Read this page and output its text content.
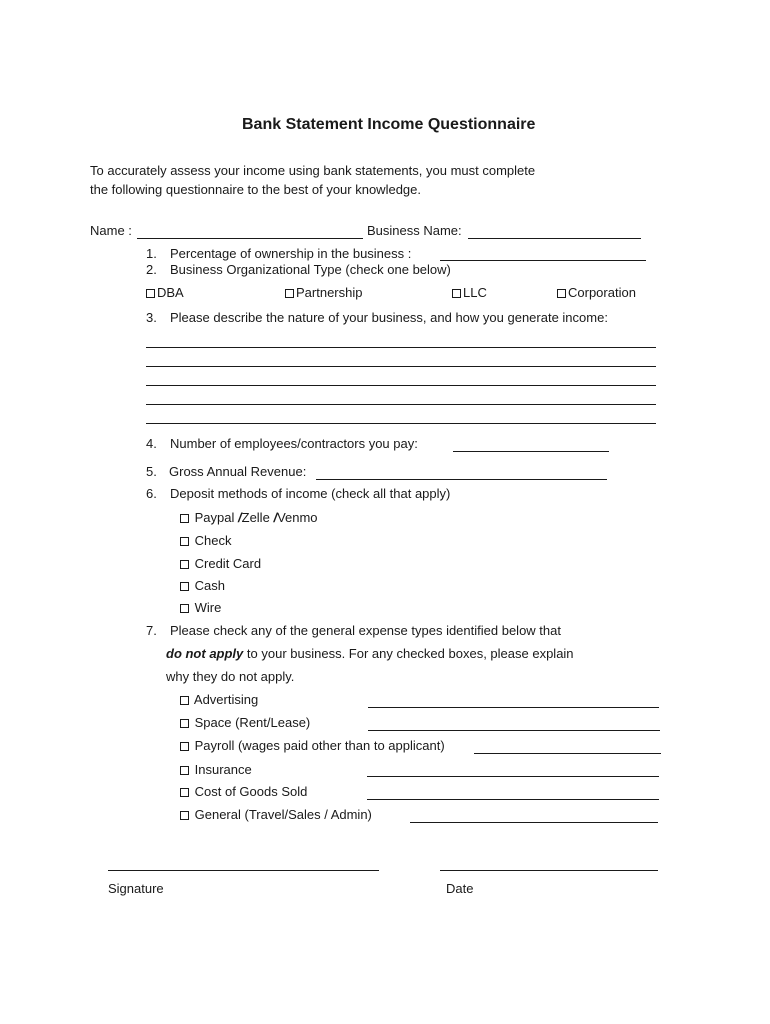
Bank Statement Income Questionnaire
To accurately assess your income using bank statements, you must complete
the following questionnaire to the best of your knowledge.
Name :	Business Name:
1. Percentage of ownership in the business :
2. Business Organizational Type (check one below)
DBA	Partnership	LLC	Corporation
3. Please describe the nature of your business, and how you generate income:
4. Number of employees/contractors you pay:
5. Gross Annual Revenue:
6. Deposit methods of income (check all that apply)
Paypal /Zelle /Venmo
Check
Credit Card
Cash
Wire
7. Please check any of the general expense types identified below that
do not apply to your business. For any checked boxes, please explain
why they do not apply.
Advertising
Space (Rent/Lease)
Payroll (wages paid other than to applicant)
Insurance
Cost of Goods Sold
General (Travel/Sales / Admin)
Signature	Date
